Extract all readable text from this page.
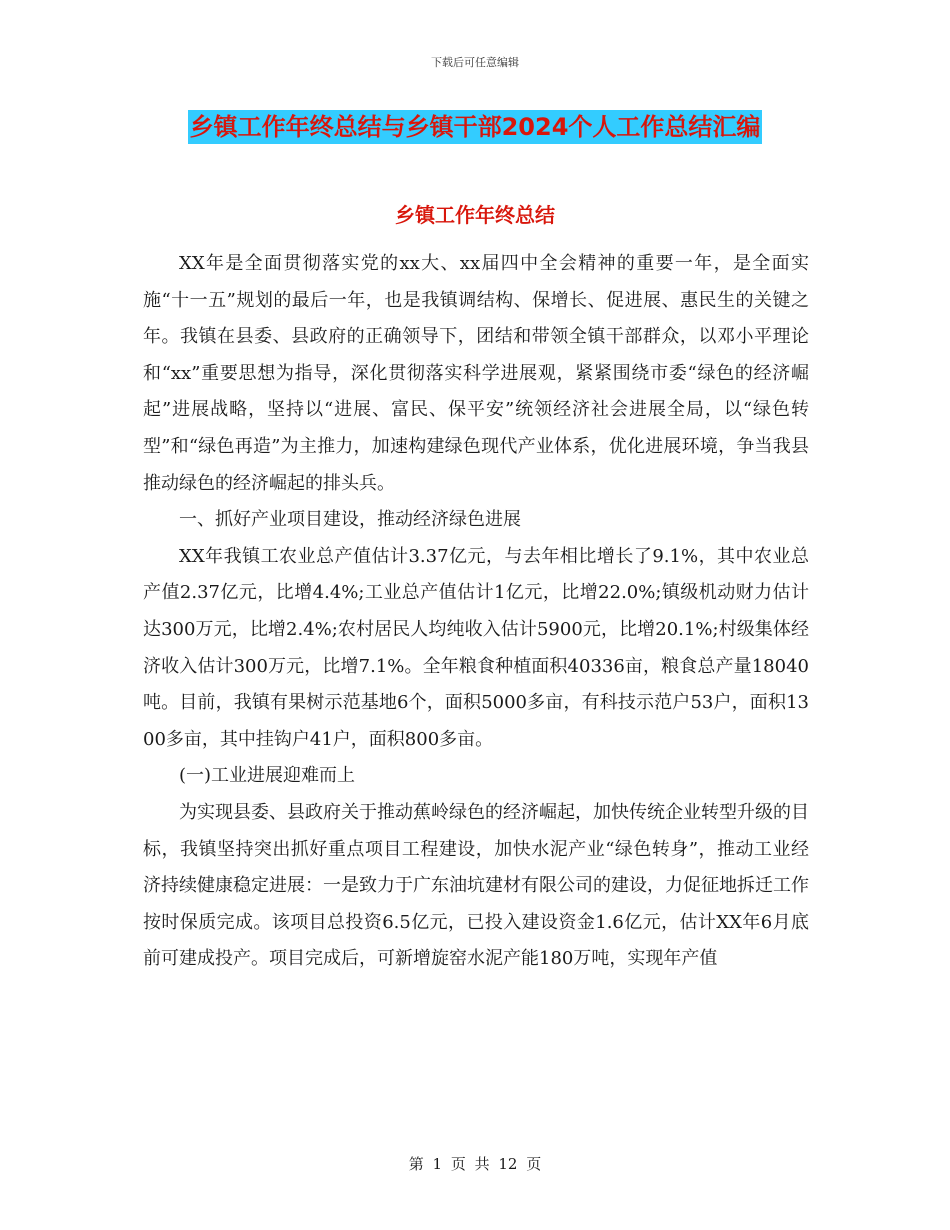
下载后可任意编辑
乡镇工作年终总结与乡镇干部2024个人工作总结汇编
乡镇工作年终总结

XX年是全面贯彻落实党的xx大、xx届四中全会精神的重要一年，是全面实施“十一五”规划的最后一年，也是我镇调结构、保增长、促进展、惠民生的关键之年。我镇在县委、县政府的正确领导下，团结和带领全镇干部群众，以邓小平理论和“xx”重要思想为指导，深化贯彻落实科学进展观，紧紧围绕市委“绿色的经济崛起”进展战略，坚持以“进展、富民、保平安”统领经济社会进展全局，以“绿色转型”和“绿色再造”为主推力，加速构建绿色现代产业体系，优化进展环境，争当我县推动绿色的经济崛起的排头兵。

一、抓好产业项目建设，推动经济绿色进展

XX年我镇工农业总产值估计3.37亿元，与去年相比增长了9.1%，其中农业总产值2.37亿元，比增4.4%;工业总产值估计1亿元，比增22.0%;镇级机动财力估计达300万元，比增2.4%;农村居民人均纯收入估计5900元，比增20.1%;村级集体经济收入估计300万元，比增7.1%。全年粮食种植面积40336亩，粮食总产量18040吨。目前，我镇有果树示范基地6个，面积5000多亩，有科技示范户53户，面积1300多亩，其中挂钩户41户，面积800多亩。

(一)工业进展迎难而上

为实现县委、县政府关于推动蕉岭绿色的经济崛起，加快传统企业转型升级的目标，我镇坚持突出抓好重点项目工程建设，加快水泥产业“绿色转身”，推动工业经济持续健康稳定进展：一是致力于广东油坑建材有限公司的建设，力促征地拆迁工作按时保质完成。该项目总投资6.5亿元，已投入建设资金1.6亿元，估计XX年6月底前可建成投产。项目完成后，可新增旋窑水泥产能180万吨，实现年产值

第 1 页 共 12 页
